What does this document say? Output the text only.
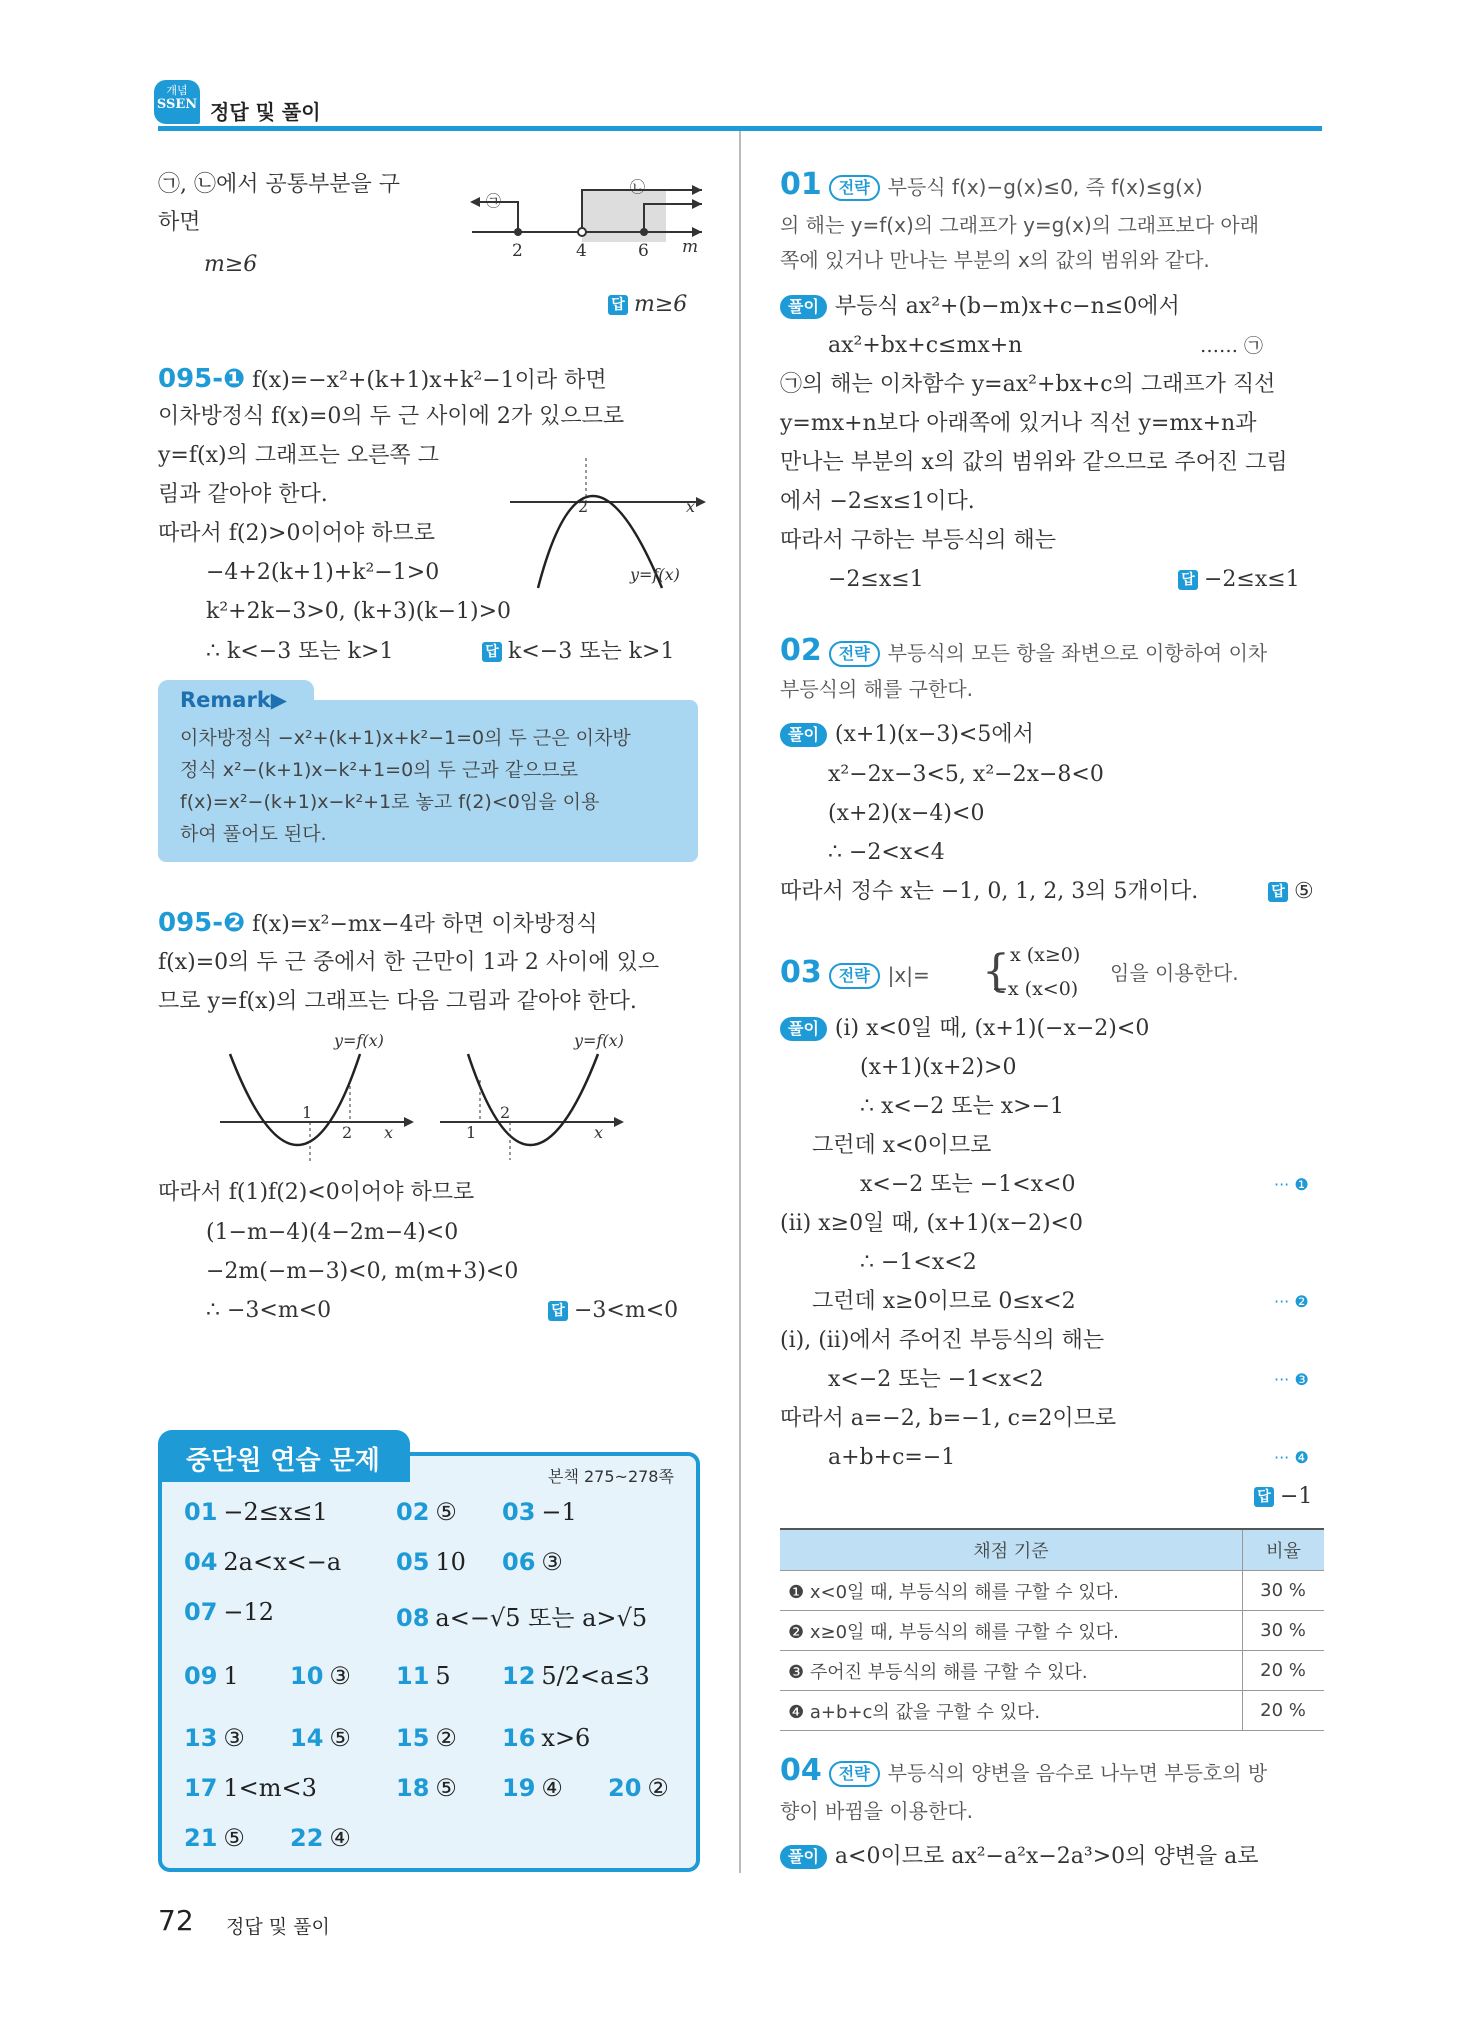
개념
SSEN 정답 및 풀이
㉠, ㉡에서 공통부분을 구
하면
m≥6
답 m≥6
㉠
㉡
2	4	6 m
095-❶ f(x)=−x²+(k+1)x+k²−1이라 하면
이차방정식 f(x)=0의 두 근 사이에 2가 있으므로
y=f(x)의 그래프는 오른쪽 그
림과 같아야 한다.
따라서 f(2)>0이어야 하므로
−4+2(k+1)+k²−1>0
k²+2k−3>0, (k+3)(k−1)>0
∴ k<−3 또는 k>1	답 k<−3 또는 k>1
2	x
y=f(x)
Remark▶
이차방정식 −x²+(k+1)x+k²−1=0의 두 근은 이차방
정식 x²−(k+1)x−k²+1=0의 두 근과 같으므로
f(x)=x²−(k+1)x−k²+1로 놓고 f(2)<0임을 이용
하여 풀어도 된다.
095-❷ f(x)=x²−mx−4라 하면 이차방정식
f(x)=0의 두 근 중에서 한 근만이 1과 2 사이에 있으
므로 y=f(x)의 그래프는 다음 그림과 같아야 한다.
y=f(x)
1
2 x
y=f(x)
2
1	x
따라서 f(1)f(2)<0이어야 하므로
(1−m−4)(4−2m−4)<0
−2m(−m−3)<0, m(m+3)<0
∴ −3<m<0	답 −3<m<0
중단원 연습 문제
본책 275~278쪽
01 −2≤x≤1	02 ⑤ 03 −1
04 2a<x<−a 05 10 06 ③
07 −12	08 a<−√5 또는 a>√5
09 1 10 ③ 11 5 12 5/2<a≤3
13 ③ 14 ⑤ 15 ② 16 x>6
17 1<m<3	18 ⑤ 19 ④ 20 ②
21 ⑤ 22 ④
01 전략 부등식 f(x)−g(x)≤0, 즉 f(x)≤g(x)
의 해는 y=f(x)의 그래프가 y=g(x)의 그래프보다 아래
쪽에 있거나 만나는 부분의 x의 값의 범위와 같다.
풀이 부등식 ax²+(b−m)x+c−n≤0에서
ax²+bx+c≤mx+n	…… ㉠
㉠의 해는 이차함수 y=ax²+bx+c의 그래프가 직선
y=mx+n보다 아래쪽에 있거나 직선 y=mx+n과
만나는 부분의 x의 값의 범위와 같으므로 주어진 그림
에서 −2≤x≤1이다.
따라서 구하는 부등식의 해는
−2≤x≤1	답 −2≤x≤1
02 전략 부등식의 모든 항을 좌변으로 이항하여 이차
부등식의 해를 구한다.
풀이 (x+1)(x−3)<5에서
x²−2x−3<5, x²−2x−8<0
(x+2)(x−4)<0
∴ −2<x<4
따라서 정수 x는 −1, 0, 1, 2, 3의 5개이다.	답 ⑤
03 전략 |x|= { x (x≥0)
−x (x<0)
임을 이용한다.
풀이 (i) x<0일 때, (x+1)(−x−2)<0
(x+1)(x+2)>0
∴ x<−2 또는 x>−1
그런데 x<0이므로
x<−2 또는 −1<x<0	··· ❶
(ii) x≥0일 때, (x+1)(x−2)<0
∴ −1<x<2
그런데 x≥0이므로 0≤x<2	··· ❷
(i), (ii)에서 주어진 부등식의 해는
x<−2 또는 −1<x<2	··· ❸
따라서 a=−2, b=−1, c=2이므로
a+b+c=−1	··· ❹
답 −1
채점 기준	비율
❶ x<0일 때, 부등식의 해를 구할 수 있다.	30 %
❷ x≥0일 때, 부등식의 해를 구할 수 있다.	30 %
❸ 주어진 부등식의 해를 구할 수 있다.	20 %
❹ a+b+c의 값을 구할 수 있다.	20 %
04 전략 부등식의 양변을 음수로 나누면 부등호의 방
향이 바뀜을 이용한다.
풀이 a<0이므로 ax²−a²x−2a³>0의 양변을 a로
72 정답 및 풀이
